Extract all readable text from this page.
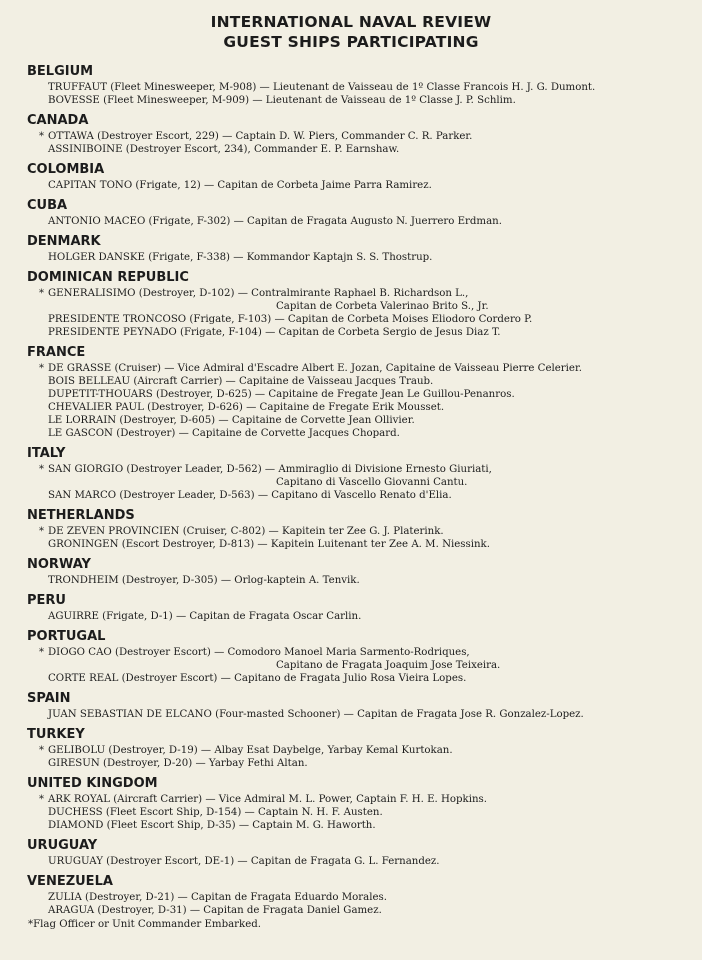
INTERNATIONAL NAVAL REVIEW
GUEST SHIPS PARTICIPATING
BELGIUM
TRUFFAUT (Fleet Minesweeper, M-908) — Lieutenant de Vaisseau de 1º Classe Francois H. J. G. Dumont.
BOVESSE (Fleet Minesweeper, M-909) — Lieutenant de Vaisseau de 1º Classe J. P. Schlim.
CANADA
* OTTAWA (Destroyer Escort, 229) — Captain D. W. Piers, Commander C. R. Parker.
ASSINIBOINE (Destroyer Escort, 234), Commander E. P. Earnshaw.
COLOMBIA
CAPITAN TONO (Frigate, 12) — Capitan de Corbeta Jaime Parra Ramirez.
CUBA
ANTONIO MACEO (Frigate, F-302) — Capitan de Fragata Augusto N. Juerrero Erdman.
DENMARK
HOLGER DANSKE (Frigate, F-338) — Kommandor Kaptajn S. S. Thostrup.
DOMINICAN REPUBLIC
* GENERALISIMO (Destroyer, D-102) — Contralmirante Raphael B. Richardson L.,
Capitan de Corbeta Valerinao Brito S., Jr.
PRESIDENTE TRONCOSO (Frigate, F-103) — Capitan de Corbeta Moises Eliodoro Cordero P.
PRESIDENTE PEYNADO (Frigate, F-104) — Capitan de Corbeta Sergio de Jesus Diaz T.
FRANCE
* DE GRASSE (Cruiser) — Vice Admiral d'Escadre Albert E. Jozan, Capitaine de Vaisseau Pierre Celerier.
BOIS BELLEAU (Aircraft Carrier) — Capitaine de Vaisseau Jacques Traub.
DUPETIT-THOUARS (Destroyer, D-625) — Capitaine de Fregate Jean Le Guillou-Penanros.
CHEVALIER PAUL (Destroyer, D-626) — Capitaine de Fregate Erik Mousset.
LE LORRAIN (Destroyer, D-605) — Capitaine de Corvette Jean Ollivier.
LE GASCON (Destroyer) — Capitaine de Corvette Jacques Chopard.
ITALY
* SAN GIORGIO (Destroyer Leader, D-562) — Ammiraglio di Divisione Ernesto Giuriati,
Capitano di Vascello Giovanni Cantu.
SAN MARCO (Destroyer Leader, D-563) — Capitano di Vascello Renato d'Elia.
NETHERLANDS
* DE ZEVEN PROVINCIEN (Cruiser, C-802) — Kapitein ter Zee G. J. Platerink.
GRONINGEN (Escort Destroyer, D-813) — Kapitein Luitenant ter Zee A. M. Niessink.
NORWAY
TRONDHEIM (Destroyer, D-305) — Orlog-kaptein A. Tenvik.
PERU
AGUIRRE (Frigate, D-1) — Capitan de Fragata Oscar Carlin.
PORTUGAL
* DIOGO CAO (Destroyer Escort) — Comodoro Manoel Maria Sarmento-Rodriques,
Capitano de Fragata Joaquim Jose Teixeira.
CORTE REAL (Destroyer Escort) — Capitano de Fragata Julio Rosa Vieira Lopes.
SPAIN
JUAN SEBASTIAN DE ELCANO (Four-masted Schooner) — Capitan de Fragata Jose R. Gonzalez-Lopez.
TURKEY
* GELIBOLU (Destroyer, D-19) — Albay Esat Daybelge, Yarbay Kemal Kurtokan.
GIRESUN (Destroyer, D-20) — Yarbay Fethi Altan.
UNITED KINGDOM
* ARK ROYAL (Aircraft Carrier) — Vice Admiral M. L. Power, Captain F. H. E. Hopkins.
DUCHESS (Fleet Escort Ship, D-154) — Captain N. H. F. Austen.
DIAMOND (Fleet Escort Ship, D-35) — Captain M. G. Haworth.
URUGUAY
URUGUAY (Destroyer Escort, DE-1) — Capitan de Fragata G. L. Fernandez.
VENEZUELA
ZULIA (Destroyer, D-21) — Capitan de Fragata Eduardo Morales.
ARAGUA (Destroyer, D-31) — Capitan de Fragata Daniel Gamez.
*Flag Officer or Unit Commander Embarked.
